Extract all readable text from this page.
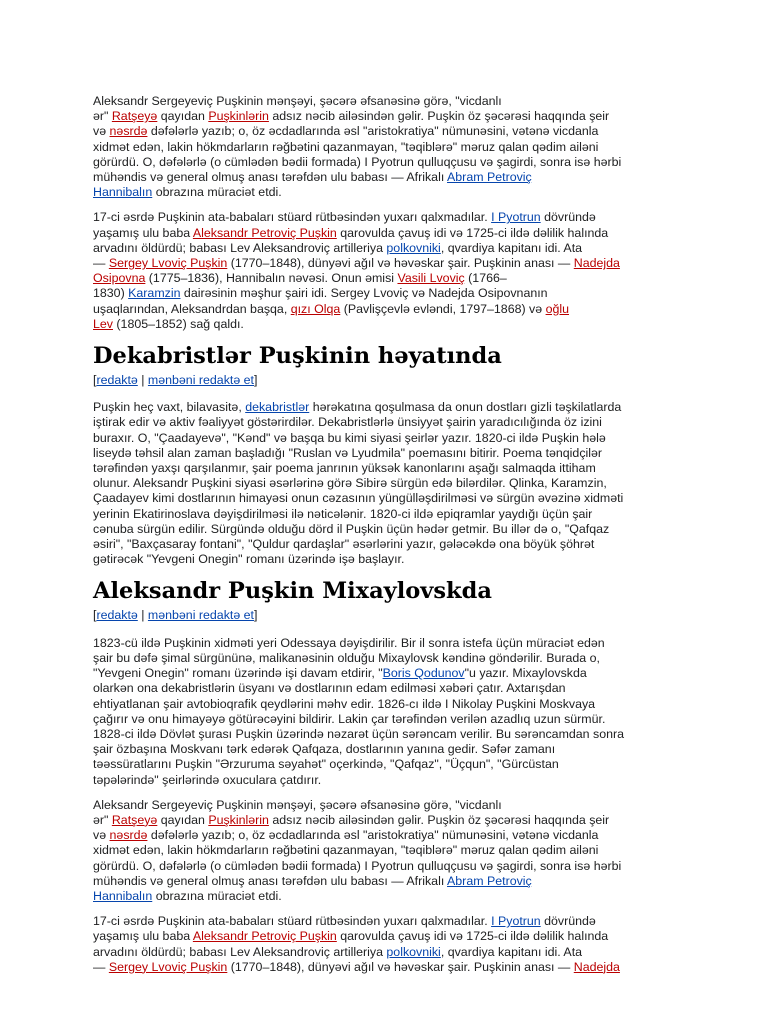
Aleksandr Sergeyeviç Puşkinin mənşəyi, şəcərə əfsanəsinə görə, "vicdanlı
ər" Ratşeyə qayıdan Puşkinlərin adsız nəcib ailəsindən gəlir. Puşkin öz şəcərəsi haqqında şeir
və nəsrdə dəfələrlə yazıb; o, öz əcdadlarında əsl "aristokratiya" nümunəsini, vətənə vicdanla
xidmət edən, lakin hökmdarların rəğbətini qazanmayan, "təqiblərə" məruz qalan qədim ailəni
görürdü. O, dəfələrlə (o cümlədən bədii formada) I Pyotrun qulluqçusu və şagirdi, sonra isə hərbi
mühəndis və general olmuş anası tərəfdən ulu babası — Afrikalı Abram Petroviç
Hannibalın obrazına müraciət etdi.

17-ci əsrdə Puşkinin ata-babaları stüard rütbəsindən yuxarı qalxmadılar. I Pyotrun dövründə
yaşamış ulu baba Aleksandr Petroviç Puşkin qarovulda çavuş idi və 1725-ci ildə dəlilik halında
arvadını öldürdü; babası Lev Aleksandroviç artilleriya polkovniki, qvardiya kapitanı idi. Ata
— Sergey Lvoviç Puşkin (1770–1848), dünyəvi ağıl və həvəskar şair. Puşkinin anası — Nadejda
Osipovna (1775–1836), Hannibalın nəvəsi. Onun əmisi Vasili Lvoviç (1766–
1830) Karamzin dairəsinin məşhur şairi idi. Sergey Lvoviç və Nadejda Osipovnanın
uşaqlarından, Aleksandrdan başqa, qızı Olqa (Pavlişçevlə evləndi, 1797–1868) və oğlu
Lev (1805–1852) sağ qaldı.

Dekabristlər Puşkinin həyatında
[redaktə | mənbəni redaktə et]

Puşkin heç vaxt, bilavasitə, dekabristlər hərəkatına qoşulmasa da onun dostları gizli təşkilatlarda
iştirak edir və aktiv fəaliyyət göstərirdilər. Dekabristlərlə ünsiyyət şairin yaradıcılığında öz izini
buraxır. O, "Çaadayevə", "Kənd" və başqa bu kimi siyasi şeirlər yazır. 1820-ci ildə Puşkin hələ
liseydə təhsil alan zaman başladığı "Ruslan və Lyudmila" poemasını bitirir. Poema tənqidçilər
tərəfindən yaxşı qarşılanmır, şair poema janrının yüksək kanonlarını aşağı salmaqda ittiham
olunur. Aleksandr Puşkini siyasi əsərlərinə görə Sibirə sürgün edə bilərdilər. Qlinka, Karamzin,
Çaadayev kimi dostlarının himayəsi onun cəzasının yüngülləşdirilməsi və sürgün əvəzinə xidməti
yerinin Ekatirinoslava dəyişdirilməsi ilə nəticələnir. 1820-ci ildə epiqramlar yaydığı üçün şair
cənuba sürgün edilir. Sürgündə olduğu dörd il Puşkin üçün hədər getmir. Bu illər də o, "Qafqaz
əsiri", "Baxçasaray fontani", "Quldur qardaşlar" əsərlərini yazır, gələcəkdə ona böyük şöhrət
gətirəcək "Yevgeni Onegin" romanı üzərində işə başlayır.

Aleksandr Puşkin Mixaylovskda
[redaktə | mənbəni redaktə et]

1823-cü ildə Puşkinin xidməti yeri Odessaya dəyişdirilir. Bir il sonra istefa üçün müraciət edən
şair bu dəfə şimal sürgününə, malikanəsinin olduğu Mixaylovsk kəndinə göndərilir. Burada o,
"Yevgeni Onegin" romanı üzərində işi davam etdirir, "Boris Qodunov"u yazır. Mixaylovskda
olarkən ona dekabristlərin üsyanı və dostlarının edam edilməsi xəbəri çatır. Axtarışdan
ehtiyatlanan şair avtobioqrafik qeydlərini məhv edir. 1826-cı ildə I Nikolay Puşkini Moskvaya
çağırır və onu himayəyə götürəcəyini bildirir. Lakin çar tərəfindən verilən azadlıq uzun sürmür.
1828-ci ildə Dövlət şurası Puşkin üzərində nəzarət üçün sərəncam verilir. Bu sərəncamdan sonra
şair özbaşına Moskvanı tərk edərək Qafqaza, dostlarının yanına gedir. Səfər zamanı
təəssüratlarını Puşkin "Ərzuruma səyahət" oçerkində, "Qafqaz", "Üçqun", "Gürcüstan
təpələrində" şeirlərində oxuculara çatdırır.

Aleksandr Sergeyeviç Puşkinin mənşəyi, şəcərə əfsanəsinə görə, "vicdanlı
ər" Ratşeyə qayıdan Puşkinlərin adsız nəcib ailəsindən gəlir. Puşkin öz şəcərəsi haqqında şeir
və nəsrdə dəfələrlə yazıb; o, öz əcdadlarında əsl "aristokratiya" nümunəsini, vətənə vicdanla
xidmət edən, lakin hökmdarların rəğbətini qazanmayan, "təqiblərə" məruz qalan qədim ailəni
görürdü. O, dəfələrlə (o cümlədən bədii formada) I Pyotrun qulluqçusu və şagirdi, sonra isə hərbi
mühəndis və general olmuş anası tərəfdən ulu babası — Afrikalı Abram Petroviç
Hannibalın obrazına müraciət etdi.

17-ci əsrdə Puşkinin ata-babaları stüard rütbəsindən yuxarı qalxmadılar. I Pyotrun dövründə
yaşamış ulu baba Aleksandr Petroviç Puşkin qarovulda çavuş idi və 1725-ci ildə dəlilik halında
arvadını öldürdü; babası Lev Aleksandroviç artilleriya polkovniki, qvardiya kapitanı idi. Ata
— Sergey Lvoviç Puşkin (1770–1848), dünyəvi ağıl və həvəskar şair. Puşkinin anası — Nadejda
